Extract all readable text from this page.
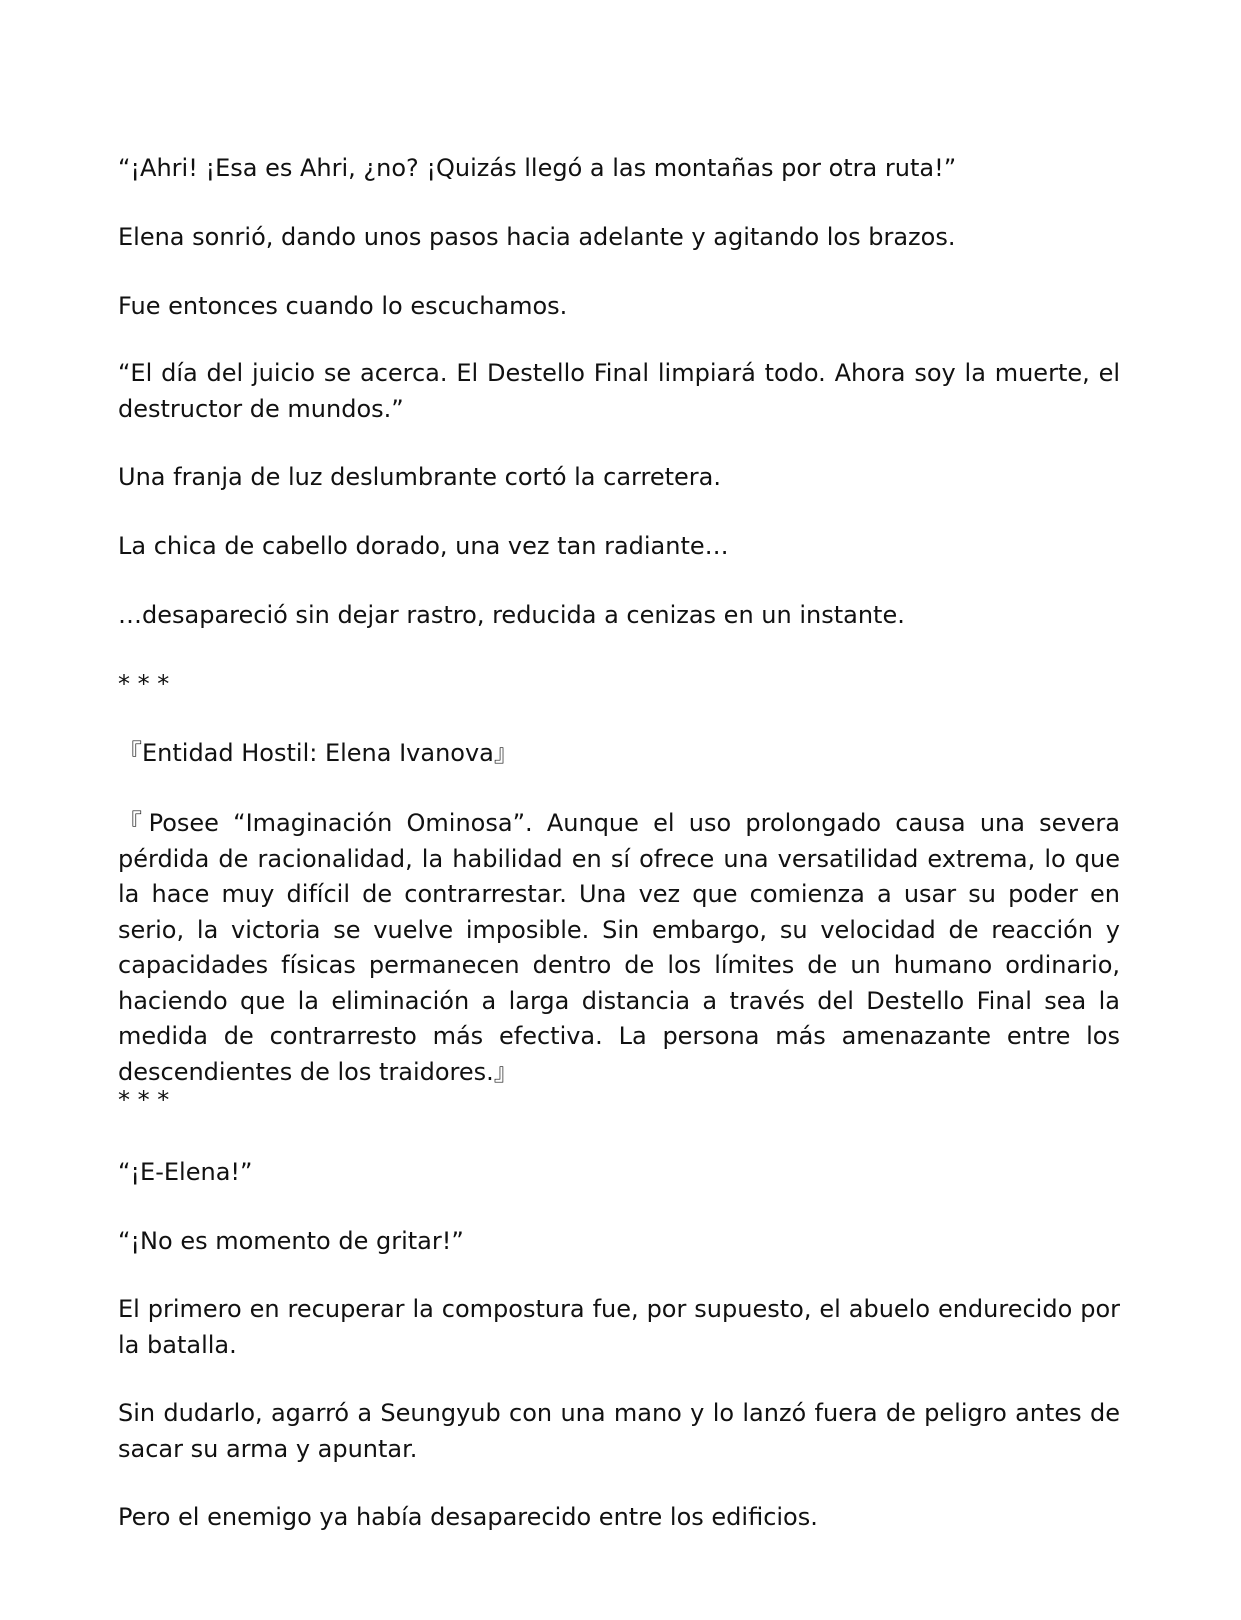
“¡Ahri! ¡Esa es Ahri, ¿no? ¡Quizás llegó a las montañas por otra ruta!”

Elena sonrió, dando unos pasos hacia adelante y agitando los brazos.

Fue entonces cuando lo escuchamos.

“El día del juicio se acerca. El Destello Final limpiará todo. Ahora soy la muerte, el destructor de mundos.”

Una franja de luz deslumbrante cortó la carretera.

La chica de cabello dorado, una vez tan radiante…

…desapareció sin dejar rastro, reducida a cenizas en un instante.

* * *

『Entidad Hostil: Elena Ivanova』

『Posee “Imaginación Ominosa”. Aunque el uso prolongado causa una severa pérdida de racionalidad, la habilidad en sí ofrece una versatilidad extrema, lo que la hace muy difícil de contrarrestar. Una vez que comienza a usar su poder en serio, la victoria se vuelve imposible. Sin embargo, su velocidad de reacción y capacidades físicas permanecen dentro de los límites de un humano ordinario, haciendo que la eliminación a larga distancia a través del Destello Final sea la medida de contrarresto más efectiva. La persona más amenazante entre los descendientes de los traidores.』

* * *

“¡E-Elena!”

“¡No es momento de gritar!”

El primero en recuperar la compostura fue, por supuesto, el abuelo endurecido por la batalla.

Sin dudarlo, agarró a Seungyub con una mano y lo lanzó fuera de peligro antes de sacar su arma y apuntar.

Pero el enemigo ya había desaparecido entre los edificios.
